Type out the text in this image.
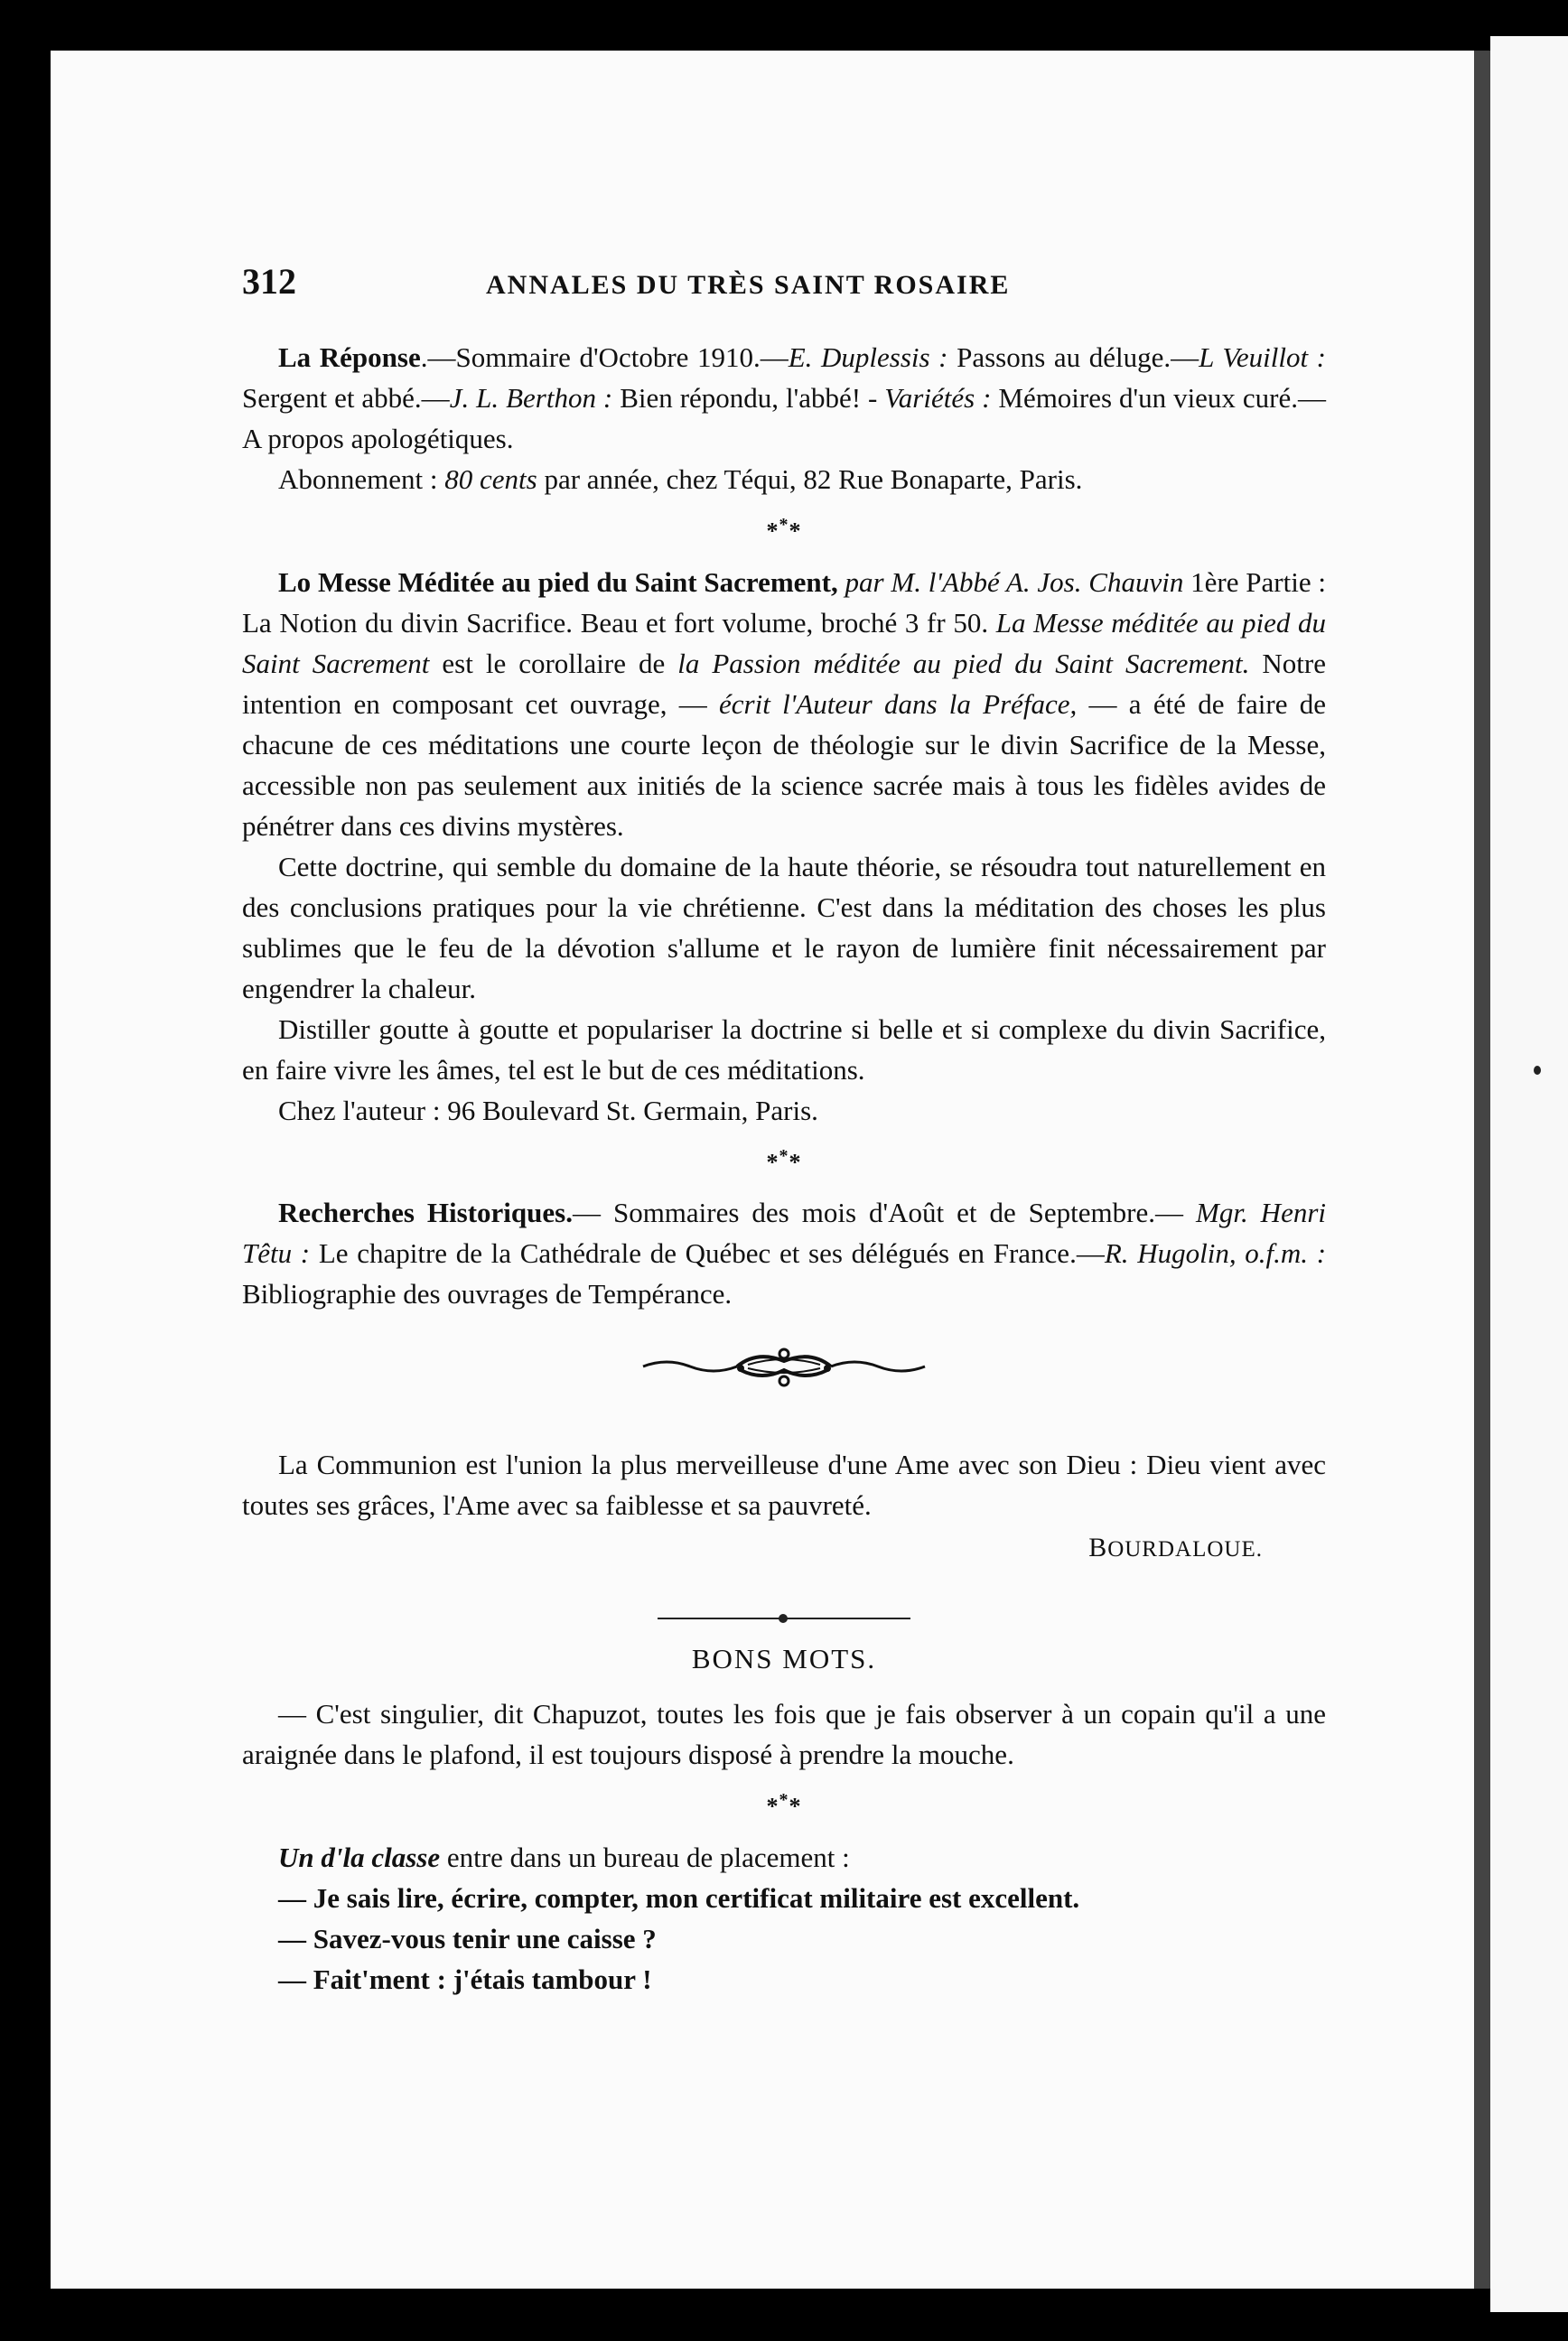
312	ANNALES DU TRÈS SAINT ROSAIRE

La Réponse.—Sommaire d'Octobre 1910.—E. Duplessis : Passons au déluge.—L Veuillot : Sergent et abbé.—J. L. Berthon : Bien répondu, l'abbé! - Variétés : Mémoires d'un vieux curé.—A propos apologétiques.

Abonnement : 80 cents par année, chez Téqui, 82 Rue Bonaparte, Paris.

***

Lo Messe Méditée au pied du Saint Sacrement, par M. l'Abbé A. Jos. Chauvin 1ère Partie : La Notion du divin Sacrifice. Beau et fort volume, broché 3 fr 50. La Messe méditée au pied du Saint Sacrement est le corollaire de la Passion méditée au pied du Saint Sacrement. Notre intention en composant cet ouvrage, — écrit l'Auteur dans la Préface, — a été de faire de chacune de ces méditations une courte leçon de théologie sur le divin Sacrifice de la Messe, accessible non pas seulement aux initiés de la science sacrée mais à tous les fidèles avides de pénétrer dans ces divins mystères.

Cette doctrine, qui semble du domaine de la haute théorie, se résoudra tout naturellement en des conclusions pratiques pour la vie chrétienne. C'est dans la méditation des choses les plus sublimes que le feu de la dévotion s'allume et le rayon de lumière finit nécessairement par engendrer la chaleur.

Distiller goutte à goutte et populariser la doctrine si belle et si complexe du divin Sacrifice, en faire vivre les âmes, tel est le but de ces méditations.

Chez l'auteur : 96 Boulevard St. Germain, Paris.

***

Recherches Historiques.— Sommaires des mois d'Août et de Septembre.— Mgr. Henri Têtu : Le chapitre de la Cathédrale de Québec et ses délégués en France.—R. Hugolin, o.f.m. : Bibliographie des ouvrages de Tempérance.

La Communion est l'union la plus merveilleuse d'une Ame avec son Dieu : Dieu vient avec toutes ses grâces, l'Ame avec sa faiblesse et sa pauvreté.

BOURDALOUE.
BONS MOTS.

— C'est singulier, dit Chapuzot, toutes les fois que je fais observer à un copain qu'il a une araignée dans le plafond, il est toujours disposé à prendre la mouche.

***

Un d'la classe entre dans un bureau de placement :

— Je sais lire, écrire, compter, mon certificat militaire est excellent.

— Savez-vous tenir une caisse ?

— Fait'ment : j'étais tambour !
